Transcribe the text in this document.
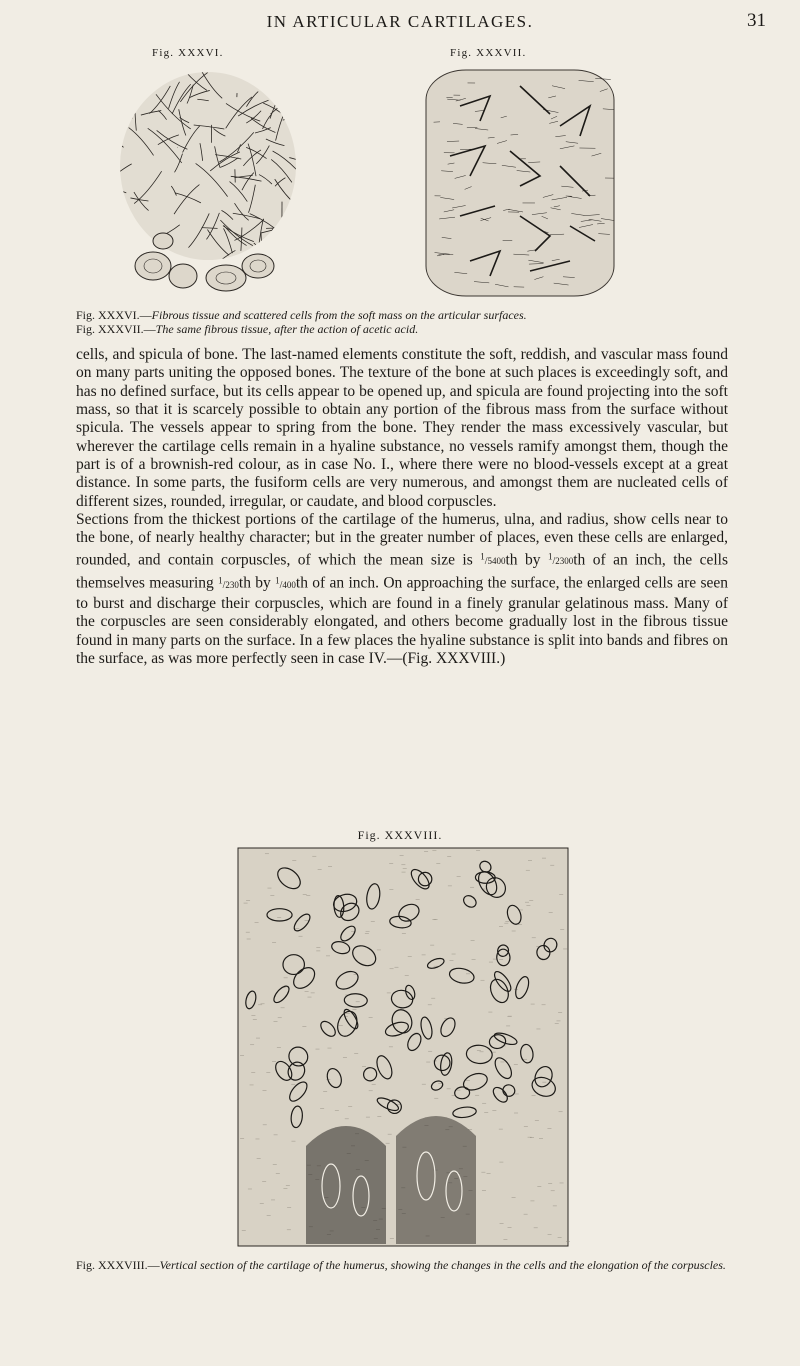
IN ARTICULAR CARTILAGES.	31
Fig. XXXVI.	Fig. XXXVII.
Fig. XXXVI.—Fibrous tissue and scattered cells from the soft mass on the articular surfaces.
Fig. XXXVII.—The same fibrous tissue, after the action of acetic acid.

cells, and spicula of bone. The last-named elements constitute the soft, reddish, and vascular mass found on many parts uniting the opposed bones. The texture of the bone at such places is exceedingly soft, and has no defined surface, but its cells appear to be opened up, and spicula are found projecting into the soft mass, so that it is scarcely possible to obtain any portion of the fibrous mass from the surface without spicula. The vessels appear to spring from the bone. They render the mass excessively vascular, but wherever the cartilage cells remain in a hyaline substance, no vessels ramify amongst them, though the part is of a brownish-red colour, as in case No. I., where there were no blood-vessels except at a great distance. In some parts, the fusiform cells are very numerous, and amongst them are nucleated cells of different sizes, rounded, irregular, or caudate, and blood corpuscles.

Sections from the thickest portions of the cartilage of the humerus, ulna, and radius, show cells near to the bone, of nearly healthy character; but in the greater number of places, even these cells are enlarged, rounded, and contain corpuscles, of which the mean size is 1/5400th by 1/2300th of an inch, the cells themselves measuring 1/230th by 1/400th of an inch. On approaching the surface, the enlarged cells are seen to burst and discharge their corpuscles, which are found in a finely granular gelatinous mass. Many of the corpuscles are seen considerably elongated, and others become gradually lost in the fibrous tissue found in many parts on the surface. In a few places the hyaline substance is split into bands and fibres on the surface, as was more perfectly seen in case IV.—(Fig. XXXVIII.)

Fig. XXXVIII.
Fig. XXXVIII.—Vertical section of the cartilage of the humerus, showing the changes in the cells and the elongation of the corpuscles.
